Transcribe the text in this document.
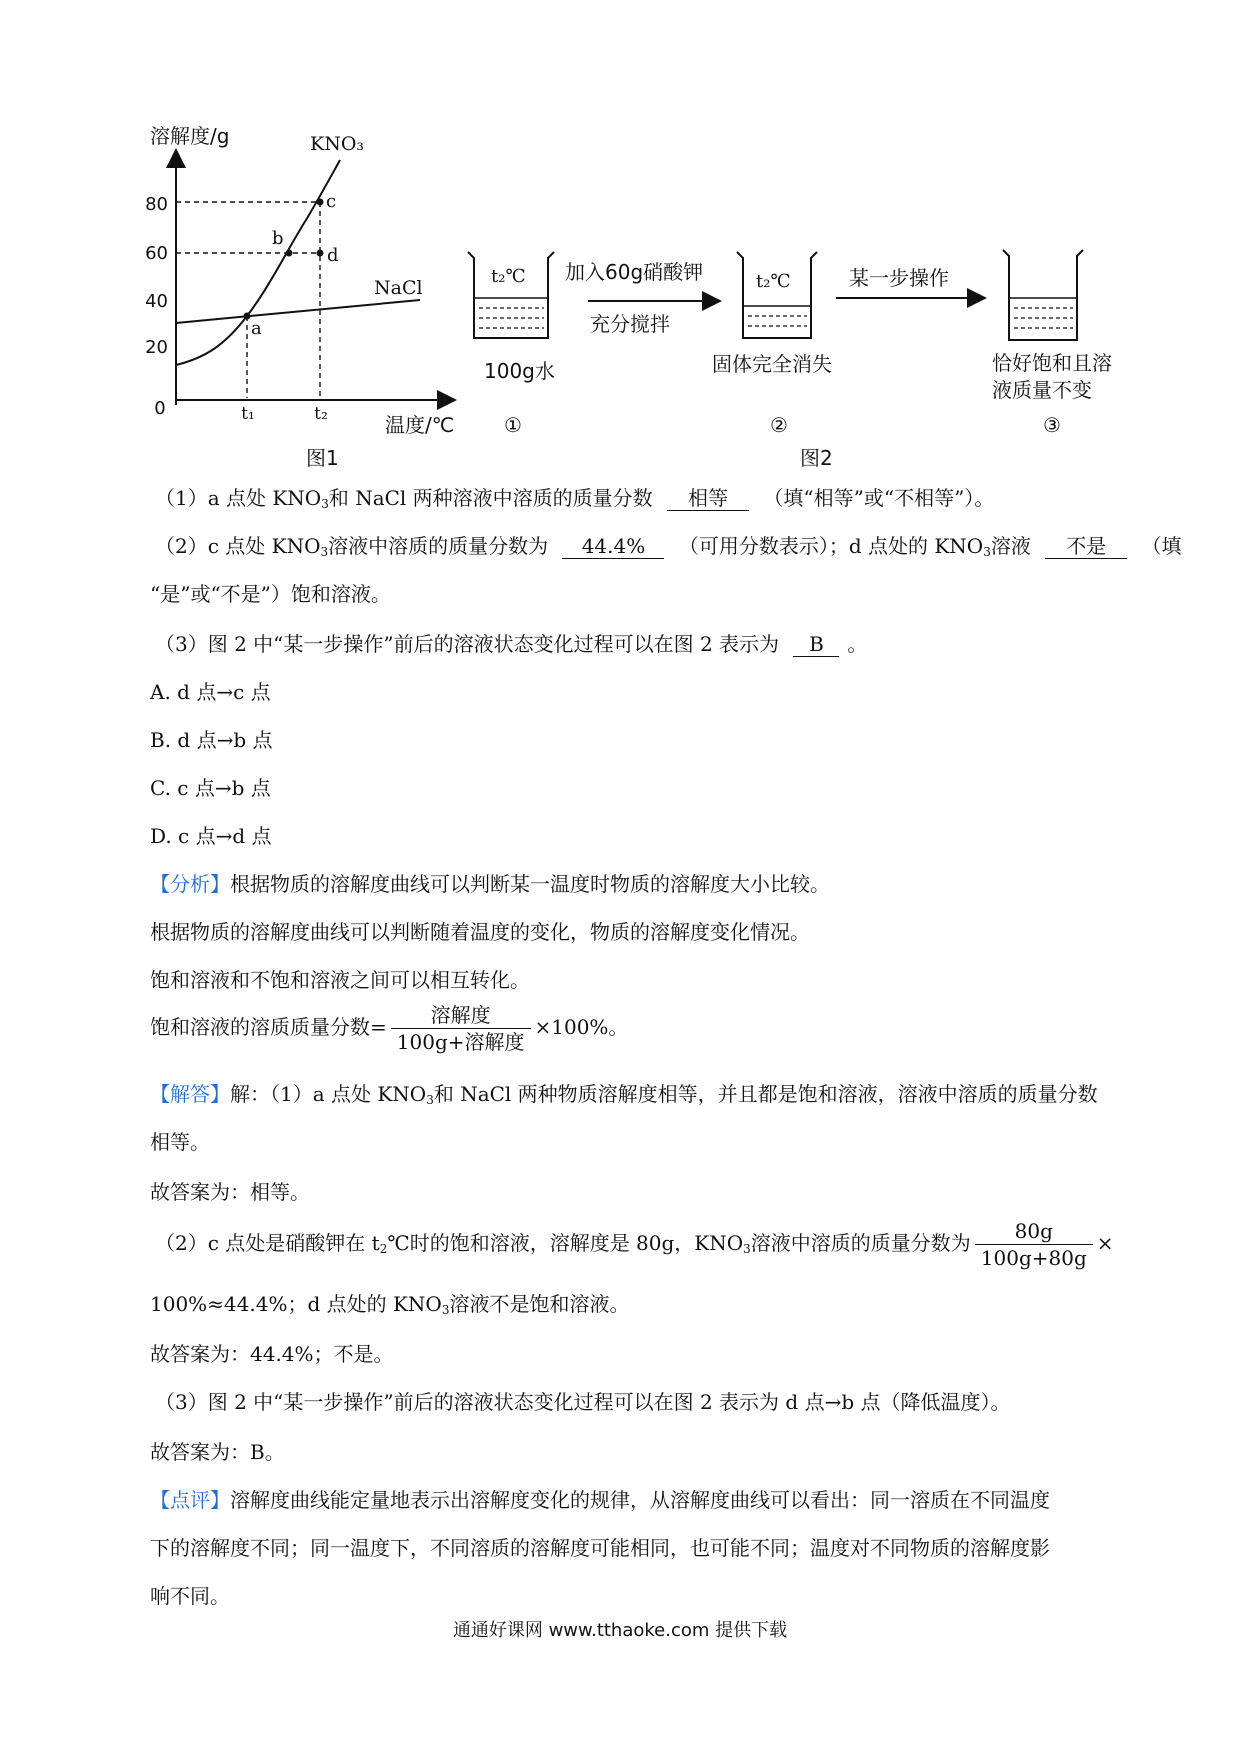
溶解度/g
温度/℃
80
60
40
20
0	t₁	t₂
NaCl
KNO₃
a
b
c
d
图1
t₂℃
100g水
①
加入60g硝酸钾
充分搅拌
t₂℃
固体完全消失
②
某一步操作
恰好饱和且溶
液质量不变
③
图2
（1）a 点处 $KNO_3$和 NaCl 两种溶液中溶质的质量分数 相等 （填“相等”或“不相等”）。
（2）c 点处 $KNO_3$溶液中溶质的质量分数为 44.4% （可用分数表示）；d 点处的 $KNO_3$溶液 不是 （填
“是”或“不是”）饱和溶液。
（3）图 2 中“某一步操作”前后的溶液状态变化过程可以在图 2 表示为 B 。
A. d 点→c 点
B. d 点→b 点
C. c 点→b 点
D. c 点→d 点
【分析】根据物质的溶解度曲线可以判断某一温度时物质的溶解度大小比较。
根据物质的溶解度曲线可以判断随着温度的变化，物质的溶解度变化情况。
饱和溶液和不饱和溶液之间可以相互转化。
饱和溶液的溶质质量分数= $\frac{\text{溶解度}}{\text{100g+溶解度}} \times 100\%$。
【解答】解：（1）a 点处 $KNO_3$和 NaCl 两种物质溶解度相等，并且都是饱和溶液，溶液中溶质的质量分数
相等。
故答案为：相等。
（2）c 点处是硝酸钾在 $t_2℃$时的饱和溶液，溶解度是 80g，$KNO_3$溶液中溶质的质量分数为 $\frac{80g}{100g+80g}$ ×
100%≈44.4%；d 点处的 $KNO_3$溶液不是饱和溶液。
故答案为：44.4%；不是。
（3）图 2 中“某一步操作”前后的溶液状态变化过程可以在图 2 表示为 d 点→b 点（降低温度）。
故答案为：B。
【点评】溶解度曲线能定量地表示出溶解度变化的规律，从溶解度曲线可以看出：同一溶质在不同温度
下的溶解度不同；同一温度下，不同溶质的溶解度可能相同，也可能不同；温度对不同物质的溶解度影
响不同。
通通好课网 www.tthaoke.com 提供下载
